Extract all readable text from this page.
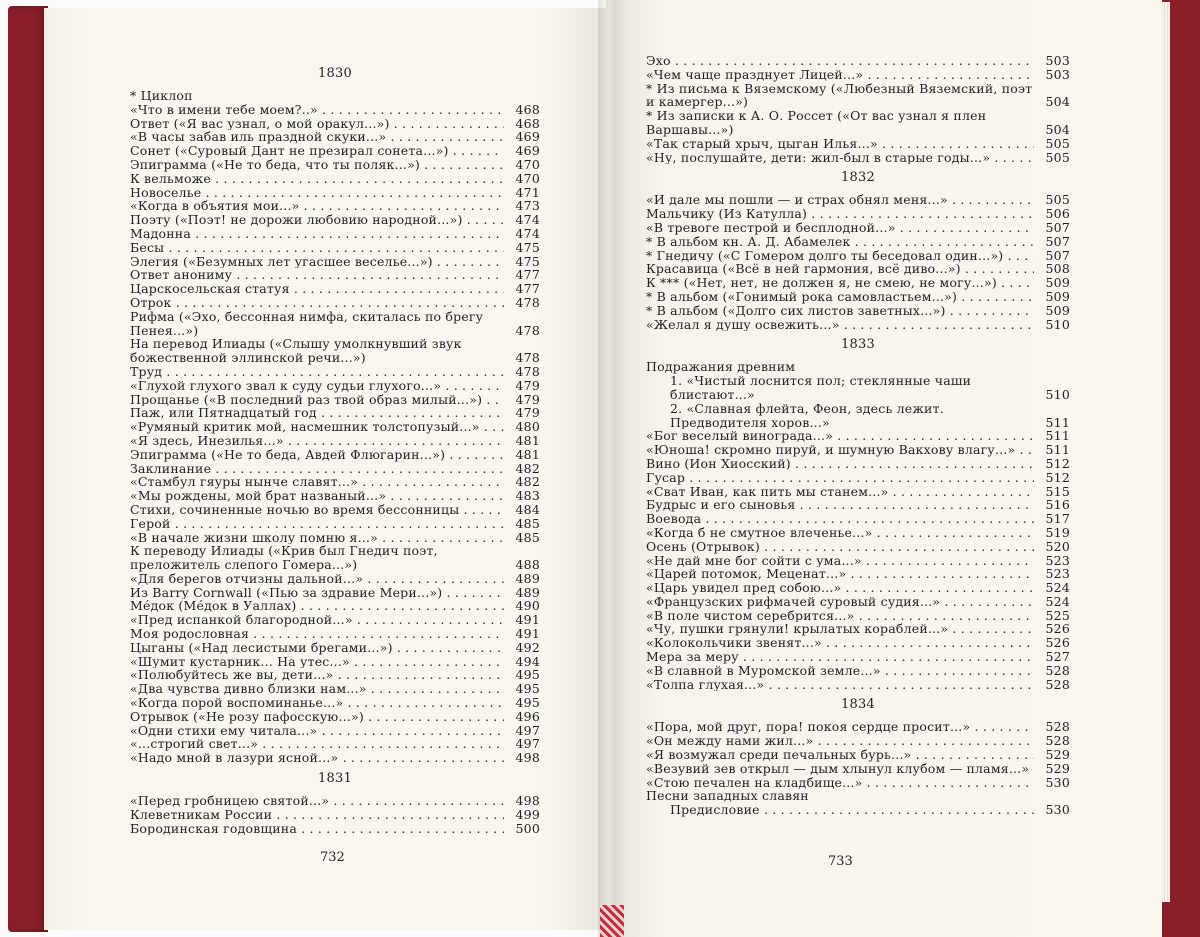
1830
* Циклоп
«Что в имени тебе моем?..» . . .	468
Ответ («Я вас узнал, о мой оракул...») . . .	468
«В часы забав иль праздной скуки...» . . .	469
Сонет («Суровый Дант не презирал сонета...») . . .	469
Эпиграмма («Не то беда, что ты поляк...») . . .	470
К вельможе . . .	470
Новоселье . . .	471
«Когда в объятия мои...» . . .	473
Поэту («Поэт! не дорожи любовию народной...») . . .	474
Мадонна . . .	474
Бесы . . .	475
Элегия («Безумных лет угасшее веселье...») . . .	475
Ответ анониму . . .	477
Царскосельская статуя . . .	477
Отрок . . .	478
Рифма («Эхо, бессонная нимфа, скиталась по брегу Пенея...»)	478
На перевод Илиады («Слышу умолкнувший звук божественной эллинской речи...»)	478
Труд . . .	478
«Глухой глухого звал к суду судьи глухого...» . . .	479
Прощанье («В последний раз твой образ милый...») . . .	479
Паж, или Пятнадцатый год . . .	479
«Румяный критик мой, насмешник толстопузый...» . . .	480
«Я здесь, Инезилья...» . . .	481
Эпиграмма («Не то беда, Авдей Флюгарин...») . . .	481
Заклинание . . .	482
«Стамбул гяуры нынче славят...» . . .	482
«Мы рождены, мой брат названый...» . . .	483
Стихи, сочиненные ночью во время бессонницы . . .	484
Герой . . .	485
«В начале жизни школу помню я...» . . .	485
К переводу Илиады («Крив был Гнедич поэт, преложитель слепого Гомера...»)	488
«Для берегов отчизны дальной...» . . .	489
Из Barry Cornwall («Пью за здравие Мери...») . . .	489
Méдок (Méдок в Уаллах) . . .	490
«Пред испанкой благородной...» . . .	491
Моя родословная . . .	491
Цыганы («Над лесистыми брегами...») . . .	492
«Шумит кустарник... На утес...» . . .	494
«Полюбуйтесь же вы, дети...» . . .	495
«Два чувства дивно близки нам...» . . .	495
«Когда порой воспоминанье...» . . .	495
Отрывок («Не розу пафосскую...») . . .	496
«Одни стихи ему читала...» . . .	497
«...строгий свет...» . . .	497
«Надо мной в лазури ясной...» . . .	498
1831
«Перед гробницею святой...» . . .	498
Клеветникам России . . .	499
Бородинская годовщина . . .	500
Эхо . . .	503
«Чем чаще празднует Лицей...» . . .	503
* Из письма к Вяземскому («Любезный Вяземский, поэт и камергер...»)	504
* Из записки к А. О. Россет («От вас узнал я плен Варшавы...»)	504
«Так старый хрыч, цыган Илья...» . . .	505
«Ну, послушайте, дети: жил-был в старые годы...» . . .	505
1832
«И дале мы пошли — и страх обнял меня...» . . .	505
Мальчику (Из Катулла) . . .	506
«В тревоге пестрой и бесплодной...» . . .	507
* В альбом кн. А. Д. Абамелек . . .	507
* Гнедичу («С Гомером долго ты беседовал один...») . . .	507
Красавица («Всё в ней гармония, всё диво...») . . .	508
К *** («Нет, нет, не должен я, не смею, не могу...») . . .	509
* В альбом («Гонимый рока самовластьем...») . . .	509
* В альбом («Долго сих листов заветных...») . . .	509
«Желал я душу освежить...» . . .	510
1833
Подражания древним
1. «Чистый лоснится пол; стеклянные чаши блистают...»	510
2. «Славная флейта, Феон, здесь лежит. Предводителя хоров...»	511
«Бог веселый винограда...» . . .	511
«Юноша! скромно пируй, и шумную Вакхову влагу...» . . .	511
Вино (Ион Хиосский) . . .	512
Гусар . . .	512
«Сват Иван, как пить мы станем...» . . .	515
Будрыс и его сыновья . . .	516
Воевода . . .	517
«Когда б не смутное влеченье...» . . .	519
Осень (Отрывок) . . .	520
«Не дай мне бог сойти с ума...» . . .	523
«Царей потомок, Меценат...» . . .	523
«Царь увидел пред собою...» . . .	524
«Французских рифмачей суровый судия...» . . .	524
«В поле чистом серебрится...» . . .	525
«Чу, пушки грянули! крылатых кораблей...» . . .	526
«Колокольчики звенят...» . . .	526
Мера за меру . . .	527
«В славной в Муромской земле...» . . .	528
«Толпа глухая...» . . .	528
1834
«Пора, мой друг, пора! покоя сердце просит...» . . .	528
«Он между нами жил...» . . .	528
«Я возмужал среди печальных бурь...» . . .	529
«Везувий зев открыл — дым хлынул клубом — пламя...» . . .	529
«Стою печален на кладбище...» . . .	530
Песни западных славян
Предисловие . . .	530
732	733
